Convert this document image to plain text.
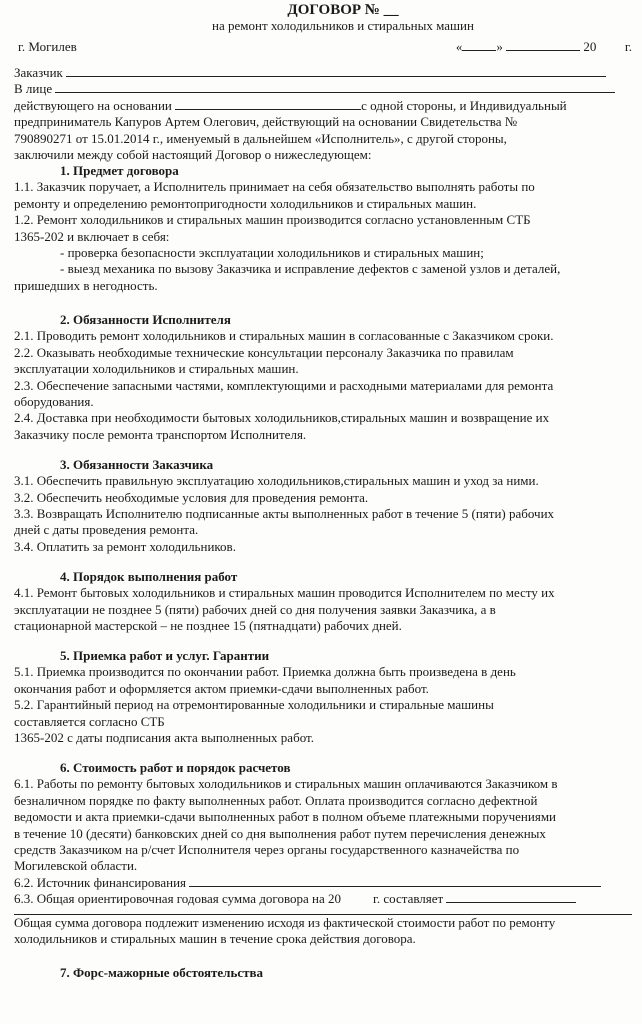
ДОГОВОР № __
на ремонт холодильников и стиральных машин
г. Могилев	«	»	20 г.

Заказчик

В лице

действующего на основании	с одной стороны, и Индивидуальный

предприниматель Капуров Артем Олегович, действующий на основании Свидетельства №

790890271 от 15.01.2014 г., именуемый в дальнейшем «Исполнитель», с другой стороны,

заключили между собой настоящий Договор о нижеследующем:

1. Предмет договора

1.1. Заказчик поручает, а Исполнитель принимает на себя обязательство выполнять работы по

ремонту и определению ремонтопригодности холодильников и стиральных машин.

1.2. Ремонт холодильников и стиральных машин производится согласно установленным СТБ

1365-202 и включает в себя:

- проверка безопасности эксплуатации холодильников и стиральных машин;

- выезд механика по вызову Заказчика и исправление дефектов с заменой узлов и деталей,

пришедших в негодность.

2. Обязанности Исполнителя

2.1. Проводить ремонт холодильников и стиральных машин в согласованные с Заказчиком сроки.

2.2. Оказывать необходимые технические консультации персоналу Заказчика по правилам

эксплуатации холодильников и стиральных машин.

2.3. Обеспечение запасными частями, комплектующими и расходными материалами для ремонта

оборудования.

2.4. Доставка при необходимости бытовых холодильников,стиральных машин и возвращение их

Заказчику после ремонта транспортом Исполнителя.

3. Обязанности Заказчика

3.1. Обеспечить правильную эксплуатацию холодильников,стиральных машин и уход за ними.

3.2. Обеспечить необходимые условия для проведения ремонта.

3.3. Возвращать Исполнителю подписанные акты выполненных работ в течение 5 (пяти) рабочих

дней с даты проведения ремонта.

3.4. Оплатить за ремонт холодильников.

4. Порядок выполнения работ

4.1. Ремонт бытовых холодильников и стиральных машин проводится Исполнителем по месту их

эксплуатации не позднее 5 (пяти) рабочих дней со дня получения заявки Заказчика, а в

стационарной мастерской – не позднее 15 (пятнадцати) рабочих дней.

5. Приемка работ и услуг. Гарантии

5.1. Приемка производится по окончании работ. Приемка должна быть произведена в день

окончания работ и оформляется актом приемки-сдачи выполненных работ.

5.2. Гарантийный период на отремонтированные холодильники и стиральные машины

составляется согласно СТБ

1365-202 с даты подписания акта выполненных работ.

6. Стоимость работ и порядок расчетов

6.1. Работы по ремонту бытовых холодильников и стиральных машин оплачиваются Заказчиком в

безналичном порядке по факту выполненных работ. Оплата производится согласно дефектной

ведомости и акта приемки-сдачи выполненных работ в полном объеме платежными поручениями

в течение 10 (десяти) банковских дней со дня выполнения работ путем перечисления денежных

средств Заказчиком на р/счет Исполнителя через органы государственного казначейства по

Могилевской области.

6.2. Источник финансирования

6.3. Общая ориентировочная годовая сумма договора на 20 г. составляет

Общая сумма договора подлежит изменению исходя из фактической стоимости работ по ремонту

холодильников и стиральных машин в течение срока действия договора.

7. Форс-мажорные обстоятельства
